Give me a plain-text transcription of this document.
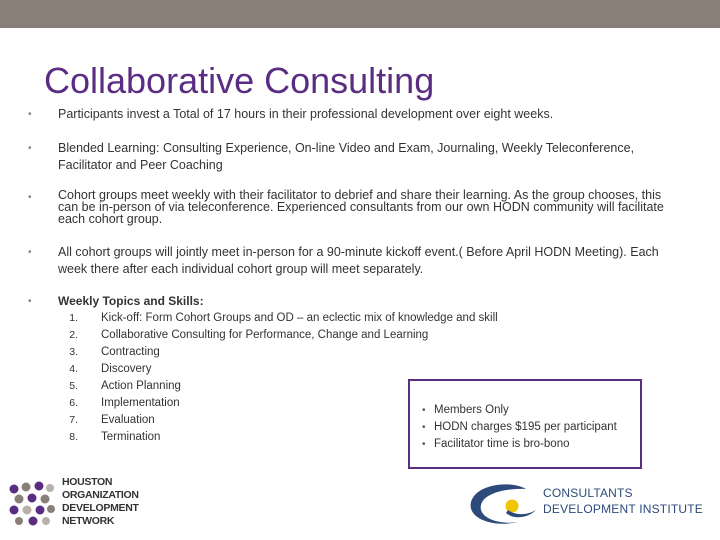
Collaborative Consulting
• Participants invest a Total of 17 hours in their professional development over eight weeks.
• Blended Learning: Consulting Experience, On-line Video and Exam, Journaling, Weekly Teleconference, Facilitator and Peer Coaching
• Cohort groups meet weekly with their facilitator to debrief and share their learning. As the group chooses, this can be in-person of via teleconference. Experienced consultants from our own HODN community will facilitate each cohort group.
• All cohort groups will jointly meet in-person for a 90-minute kickoff event.( Before April HODN Meeting). Each week there after each individual cohort group will meet separately.
• Weekly Topics and Skills:
1. Kick-off: Form Cohort Groups and OD – an eclectic mix of knowledge and skill
2. Collaborative Consulting for Performance, Change and Learning
3. Contracting
4. Discovery
5. Action Planning
6. Implementation
7. Evaluation
8. Termination
• Members Only
• HODN charges $195 per participant
• Facilitator time is bro-bono
HOUSTON
ORGANIZATION
DEVELOPMENT
NETWORK
CONSULTANTS
DEVELOPMENT INSTITUTE
